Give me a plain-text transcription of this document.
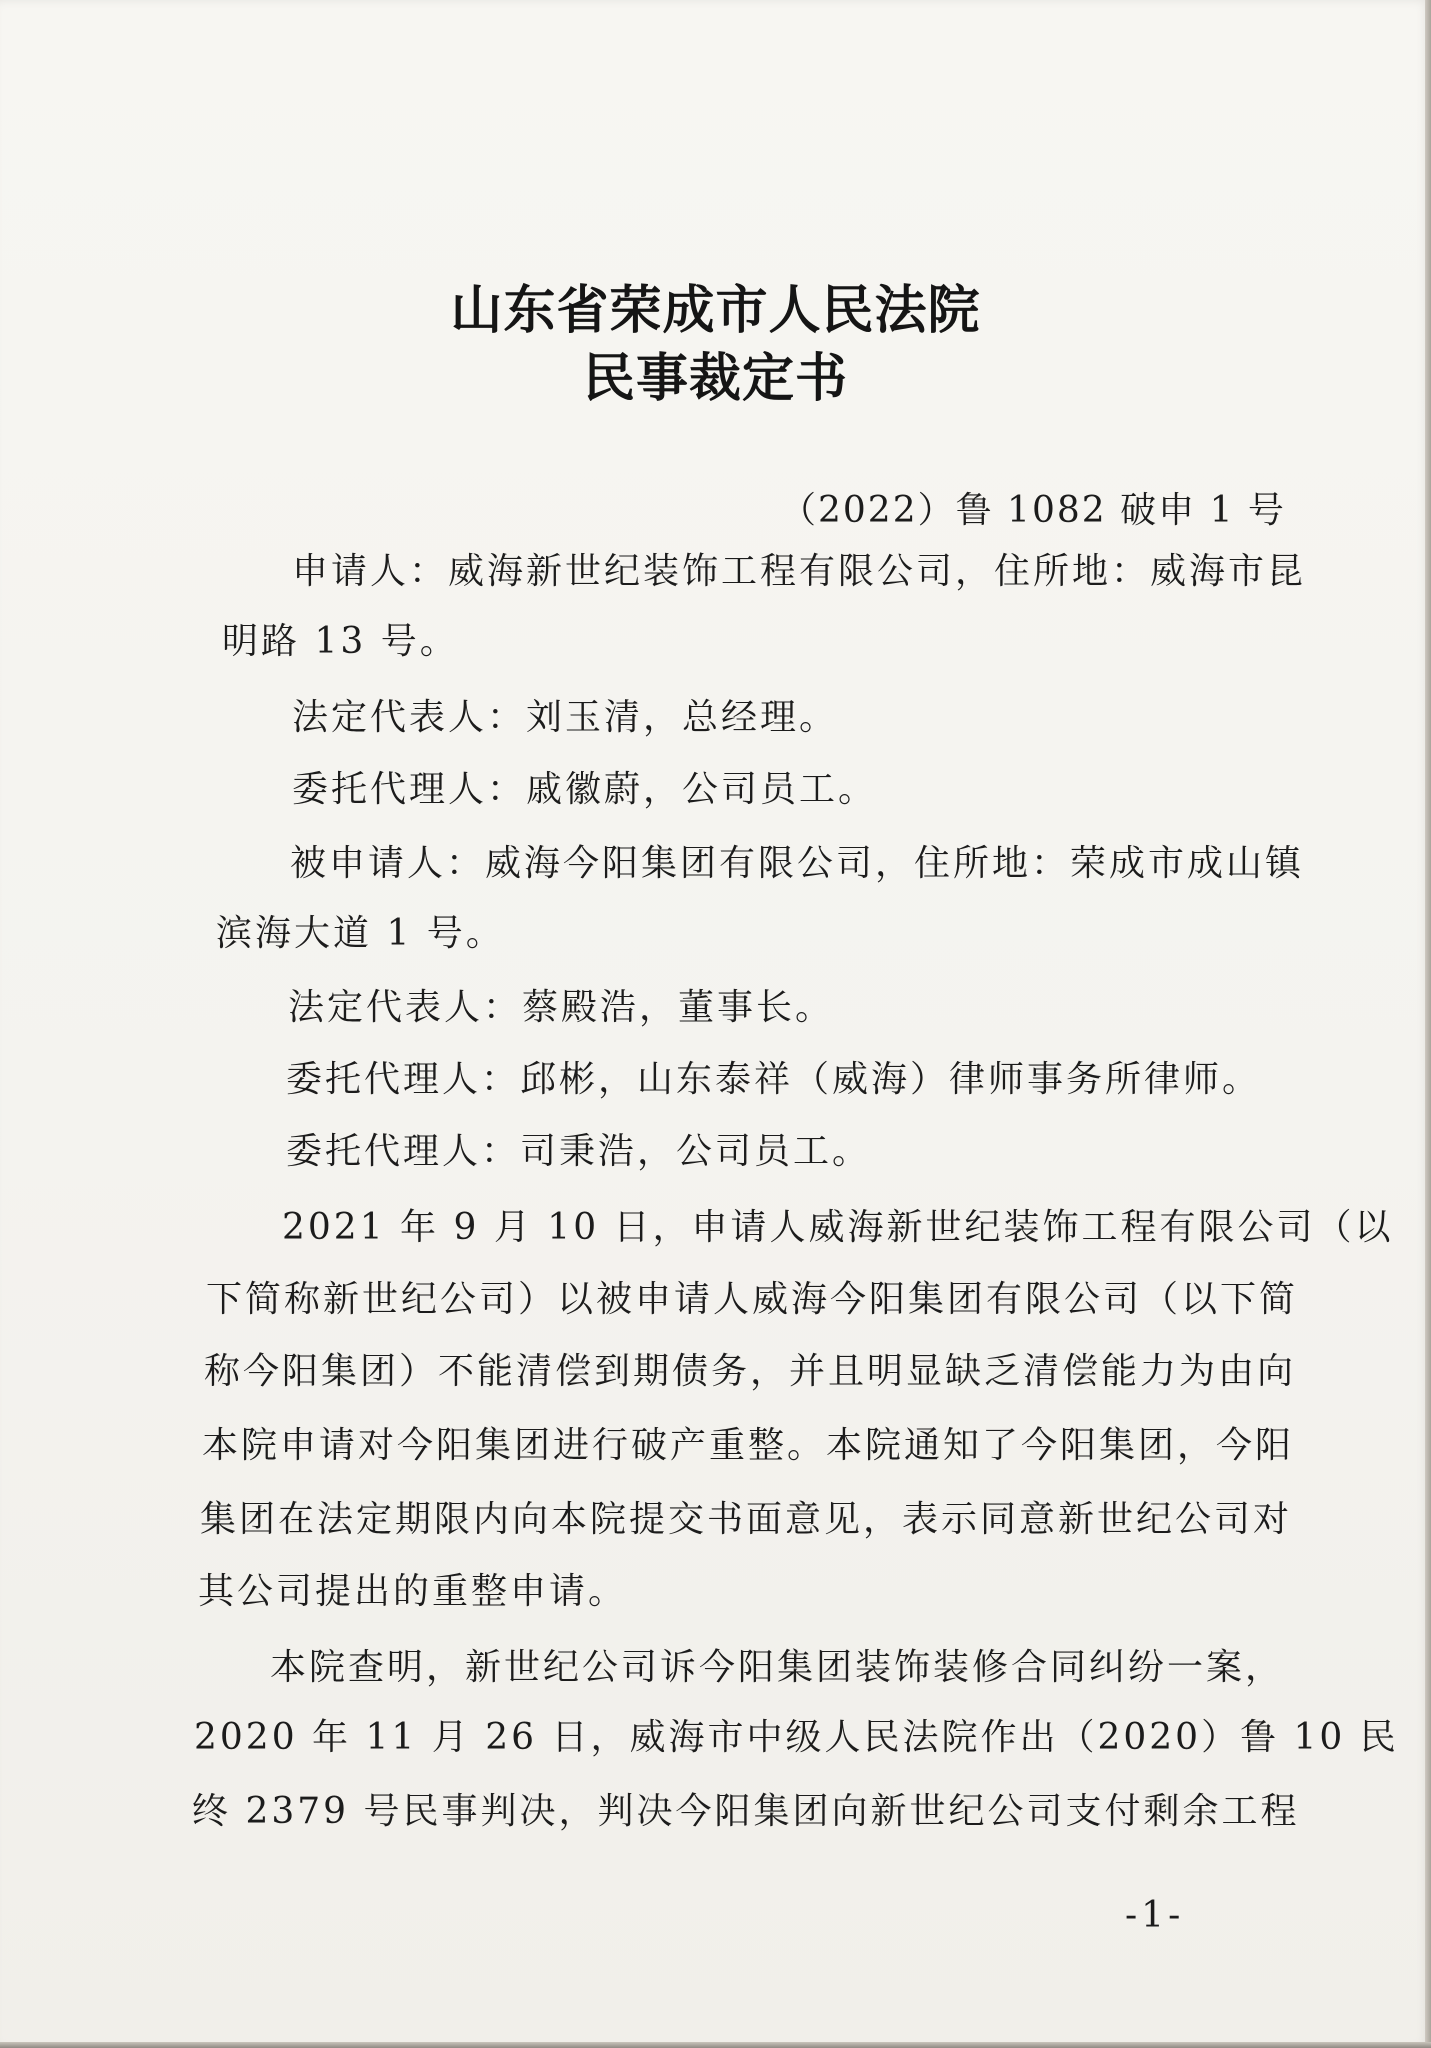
山东省荣成市人民法院
民事裁定书
（2022）鲁 1082 破申 1 号
申请人：威海新世纪装饰工程有限公司，住所地：威海市昆
明路 13 号。
法定代表人：刘玉清，总经理。
委托代理人：戚徽蔚，公司员工。
被申请人：威海今阳集团有限公司，住所地：荣成市成山镇
滨海大道 1 号。
法定代表人：蔡殿浩，董事长。
委托代理人：邱彬，山东泰祥（威海）律师事务所律师。
委托代理人：司秉浩，公司员工。
2021 年 9 月 10 日，申请人威海新世纪装饰工程有限公司（以
下简称新世纪公司）以被申请人威海今阳集团有限公司（以下简
称今阳集团）不能清偿到期债务，并且明显缺乏清偿能力为由向
本院申请对今阳集团进行破产重整。本院通知了今阳集团，今阳
集团在法定期限内向本院提交书面意见，表示同意新世纪公司对
其公司提出的重整申请。
本院查明，新世纪公司诉今阳集团装饰装修合同纠纷一案，
2020 年 11 月 26 日，威海市中级人民法院作出（2020）鲁 10 民
终 2379 号民事判决，判决今阳集团向新世纪公司支付剩余工程
-1-
